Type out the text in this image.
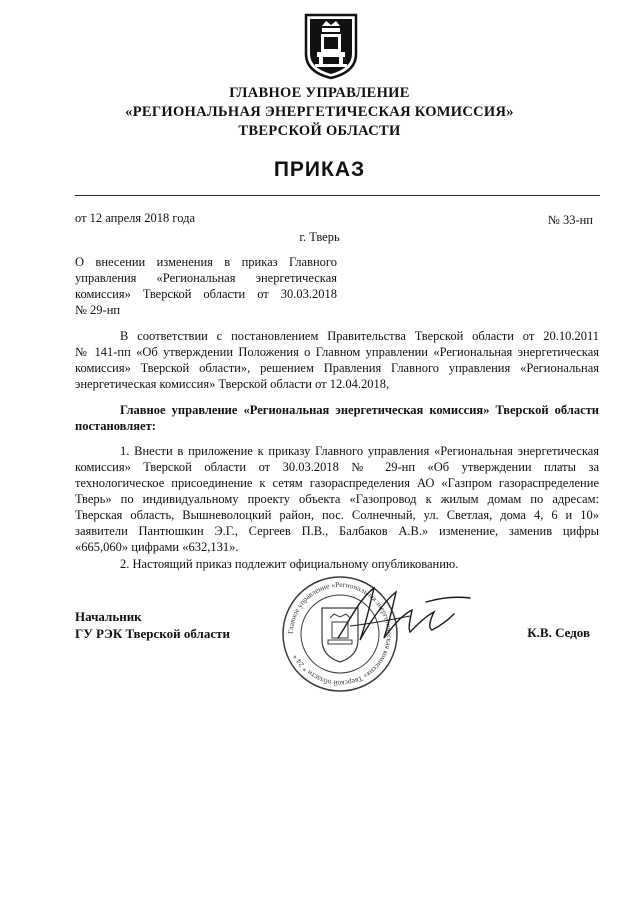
ГЛАВНОЕ УПРАВЛЕНИЕ
«РЕГИОНАЛЬНАЯ ЭНЕРГЕТИЧЕСКАЯ КОМИССИЯ»
ТВЕРСКОЙ ОБЛАСТИ
ПРИКАЗ
от 12 апреля 2018 года	№ 33-нп
г. Тверь
О внесении изменения в приказ Главного
управления «Региональная энергетическая
комиссия» Тверской области от 30.03.2018
№ 29-нп
В соответствии с постановлением Правительства Тверской области от 20.10.2011
№ 141-пп «Об утверждении Положения о Главном управлении «Региональная энергетическая
комиссия» Тверской области», решением Правления Главного управления «Региональная
энергетическая комиссия» Тверской области от 12.04.2018,
Главное управление «Региональная энергетическая комиссия» Тверской области
постановляет:
1. Внести в приложение к приказу Главного управления «Региональная энергетическая
комиссия» Тверской области от 30.03.2018 № 29-нп «Об утверждении платы за
технологическое присоединение к сетям газораспределения АО «Газпром газораспределение
Тверь» по индивидуальному проекту объекта «Газопровод к жилым домам по адресам:
Тверская область, Вышневолоцкий район, пос. Солнечный, ул. Светлая, дома 4, 6 и 10»
заявители Пантюшкин Э.Г., Сергеев П.В., Балбаков А.В.» изменение, заменив цифры
«665,060» цифрами «632,131».
2. Настоящий приказ подлежит официальному опубликованию.
Главное управление «Региональная энергетическая комиссия» Тверской области * 24 *
Начальник
ГУ РЭК Тверской области	К.В. Седов
